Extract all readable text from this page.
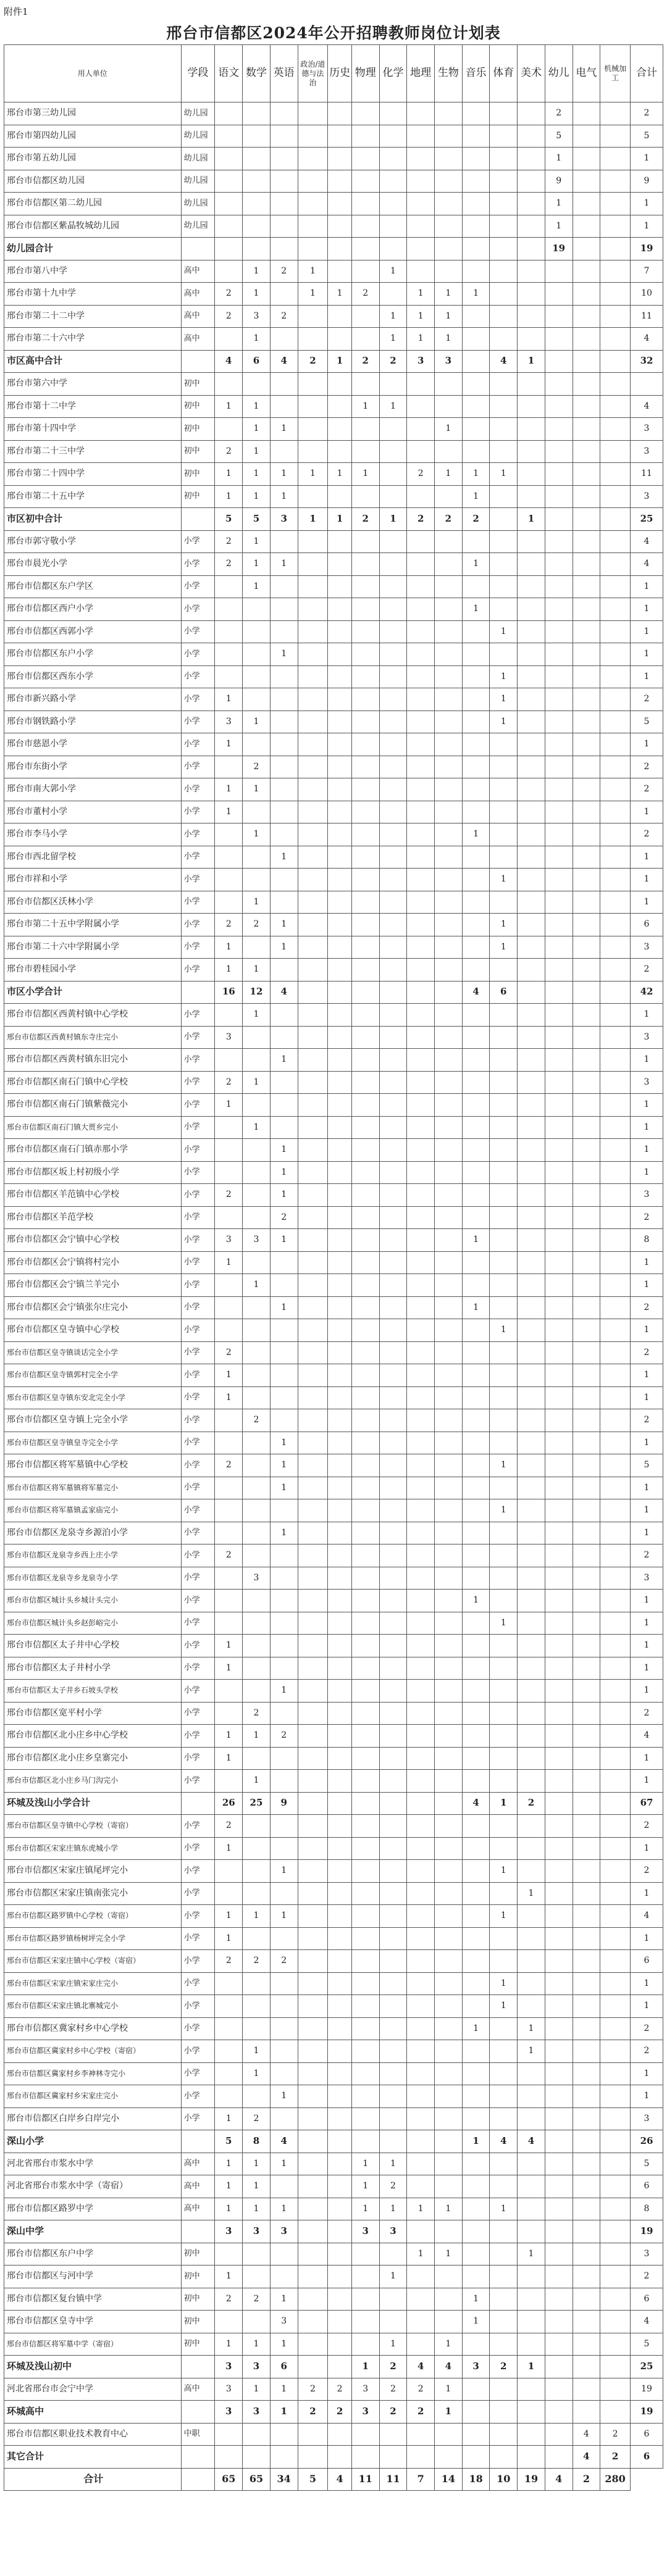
附件1
邢台市信都区2024年公开招聘教师岗位计划表
用人单位	学段	语文	数学	英语	政治/道德与法治	历史	物理	化学	地理	生物	音乐	体育	美术	幼儿	电气	机械加工	合计
邢台市第三幼儿园	幼儿园													2			2
邢台市第四幼儿园	幼儿园													5			5
邢台市第五幼儿园	幼儿园													1			1
邢台市信都区幼儿园	幼儿园													9			9
邢台市信都区第二幼儿园	幼儿园													1			1
邢台市信都区紫晶牧城幼儿园	幼儿园													1			1
幼儿园合计														19			19
邢台市第八中学	高中		1	2	1			1									7
邢台市第十九中学	高中	2	1		1	1	2		1	1	1						10
邢台市第二十二中学	高中	2	3	2				1	1	1							11
邢台市第二十六中学	高中		1					1	1	1							4
市区高中合计		4	6	4	2	1	2	2	3	3		4	1				32
邢台市第六中学	初中																
邢台市第十二中学	初中	1	1				1	1									4
邢台市第十四中学	初中		1	1						1							3
邢台市第二十三中学	初中	2	1														3
邢台市第二十四中学	初中	1	1	1	1	1	1		2	1	1	1					11
邢台市第二十五中学	初中	1	1	1							1						3
市区初中合计		5	5	3	1	1	2	1	2	2	2		1				25
邢台市郭守敬小学	小学	2	1														4
邢台市晨光小学	小学	2	1	1							1						4
邢台市信都区东户学区	小学		1														1
邢台市信都区西户小学	小学										1						1
邢台市信都区西郭小学	小学											1					1
邢台市信都区东户小学	小学			1													1
邢台市信都区西东小学	小学											1					1
邢台市新兴路小学	小学	1										1					2
邢台市钢铁路小学	小学	3	1									1					5
邢台市慈恩小学	小学	1															1
邢台市东街小学	小学		2														2
邢台市南大郭小学	小学	1	1														2
邢台市董村小学	小学	1															1
邢台市李马小学	小学		1								1						2
邢台市西北留学校	小学			1													1
邢台市祥和小学	小学											1					1
邢台市信都区沃林小学	小学		1														1
邢台市第二十五中学附属小学	小学	2	2	1								1					6
邢台市第二十六中学附属小学	小学	1		1								1					3
邢台市碧桂园小学	小学	1	1														2
市区小学合计		16	12	4							4	6					42
邢台市信都区西黄村镇中心学校	小学		1														1
邢台市信都区西黄村镇东寺庄完小	小学	3															3
邢台市信都区西黄村镇东旧完小	小学			1													1
邢台市信都区南石门镇中心学校	小学	2	1														3
邢台市信都区南石门镇紫薇完小	小学	1															1
邢台市信都区南石门镇大贾乡完小	小学		1														1
邢台市信都区南石门镇赤那小学	小学			1													1
邢台市信都区坂上村初级小学	小学			1													1
邢台市信都区羊范镇中心学校	小学	2		1													3
邢台市信都区羊范学校	小学			2													2
邢台市信都区会宁镇中心学校	小学	3	3	1							1						8
邢台市信都区会宁镇将村完小	小学	1															1
邢台市信都区会宁镇兰羊完小	小学		1														1
邢台市信都区会宁镇张尔庄完小	小学			1							1						2
邢台市信都区皇寺镇中心学校	小学											1					1
邢台市信都区皇寺镇谈话完全小学	小学	2															2
邢台市信都区皇寺镇郭村完全小学	小学	1															1
邢台市信都区皇寺镇东安北完全小学	小学	1															1
邢台市信都区皇寺镇上完全小学	小学		2														2
邢台市信都区皇寺镇皇寺完全小学	小学			1													1
邢台市信都区将军墓镇中心学校	小学	2		1								1					5
邢台市信都区将军墓镇将军墓完小	小学			1													1
邢台市信都区将军墓镇孟家庙完小	小学											1					1
邢台市信都区龙泉寺乡源泊小学	小学			1													1
邢台市信都区龙泉寺乡西上庄小学	小学	2															2
邢台市信都区龙泉寺乡龙泉寺小学	小学		3														3
邢台市信都区城计头乡城计头完小	小学										1						1
邢台市信都区城计头乡赵彭峪完小	小学											1					1
邢台市信都区太子井中心学校	小学	1															1
邢台市信都区太子井村小学	小学	1															1
邢台市信都区太子井乡石坡头学校	小学			1													1
邢台市信都区宽平村小学	小学		2														2
邢台市信都区北小庄乡中心学校	小学	1	1	2													4
邢台市信都区北小庄乡皇寨完小	小学	1															1
邢台市信都区北小庄乡马门沟完小	小学		1														1
环城及浅山小学合计		26	25	9							4	1	2				67
邢台市信都区皇寺镇中心学校（寄宿）	小学	2															2
邢台市信都区宋家庄镇东虎城小学	小学	1															1
邢台市信都区宋家庄镇尾坪完小	小学			1								1					2
邢台市信都区宋家庄镇南张完小	小学												1				1
邢台市信都区路罗镇中心学校（寄宿）	小学	1	1	1								1					4
邢台市信都区路罗镇杨树坪完全小学	小学	1															1
邢台市信都区宋家庄镇中心学校（寄宿）	小学	2	2	2													6
邢台市信都区宋家庄镇宋家庄完小	小学											1					1
邢台市信都区宋家庄镇北寨城完小	小学											1					1
邢台市信都区冀家村乡中心学校	小学										1		1				2
邢台市信都区冀家村乡中心学校（寄宿）	小学		1										1				2
邢台市信都区冀家村乡李神林寺完小	小学		1														1
邢台市信都区冀家村乡宋家庄完小	小学			1													1
邢台市信都区白岸乡白岸完小	小学	1	2														3
深山小学		5	8	4							1	4	4				26
河北省邢台市浆水中学	高中	1	1	1			1	1									5
河北省邢台市浆水中学（寄宿）	高中	1	1				1	2									6
邢台市信都区路罗中学	高中	1	1	1			1	1	1	1		1					8
深山中学		3	3	3			3	3									19
邢台市信都区东户中学	初中								1	1			1				3
邢台市信都区与河中学	初中	1						1									2
邢台市信都区复台镇中学	初中	2	2	1							1						6
邢台市信都区皇寺中学	初中			3							1						4
邢台市信都区将军墓中学（寄宿）	初中	1	1	1				1		1							5
环城及浅山初中		3	3	6			1	2	4	4	3	2	1				25
河北省邢台市会宁中学	高中	3	1	1	2	2	3	2	2	1							19
环城高中		3	3	1	2	2	3	2	2	1							19
邢台市信都区职业技术教育中心	中职														4	2	6
其它合计															4	2	6
合计		65	65	34	5	4	11	11	7	14	18	10	19	4	2	280	
